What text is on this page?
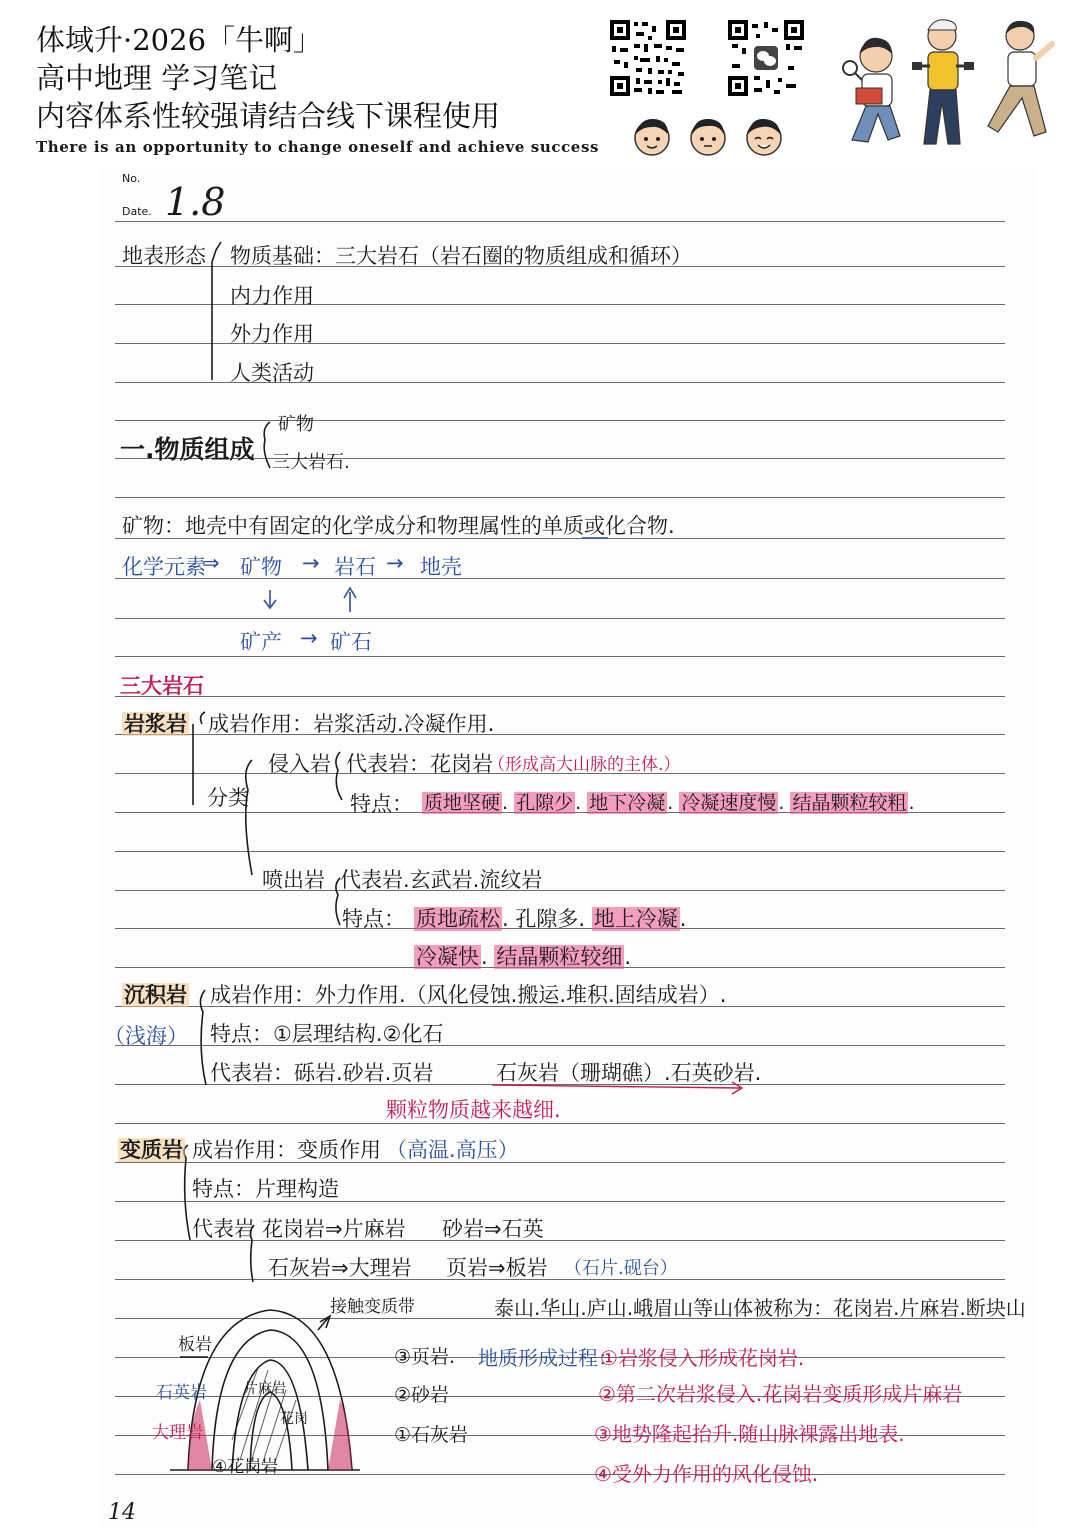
体域升·2026「牛啊」
高中地理 学习笔记
内容体系性较强请结合线下课程使用
There is an opportunity to change oneself and achieve success
No.
Date. 1.8
14
地表形态 物质基础：三大岩石（岩石圈的物质组成和循环）
内力作用
外力作用
人类活动
一.物质组成
矿物
三大岩石.
矿物：地壳中有固定的化学成分和物理属性的单质或化合物.
化学元素
⇒ 矿物 → 岩石 → 地壳
矿产 → 矿石
三大岩石
岩浆岩 成岩作用：岩浆活动.冷凝作用.
分类
侵入岩 代表岩：花岗岩
（形成高大山脉的主体.）
特点： 质地坚硬 . 孔隙少 . 地下冷凝 . 冷凝速度慢 . 结晶颗粒较粗 .
喷出岩 代表岩.玄武岩.流纹岩
特点： 质地疏松. 孔隙多. 地上冷凝.
冷凝快. 结晶颗粒较细.
沉积岩
（浅海）
成岩作用：外力作用.（风化侵蚀.搬运.堆积.固结成岩）.
特点：①层理结构.②化石
代表岩：砾岩.砂岩.页岩	石灰岩（珊瑚礁）.石英砂岩.
颗粒物质越来越细.
变质岩 成岩作用：变质作用 （高温.高压）
特点：片理构造
代表岩 花岗岩⇒片麻岩 砂岩⇒石英
石灰岩⇒大理岩 页岩⇒板岩 （石片.砚台）
泰山.华山.庐山.峨眉山等山体被称为：花岗岩.片麻岩.断块山
接触变质带
板岩
石英岩
大理岩
④花岗岩
片麻岩
花岗
③页岩.
②砂岩
①石灰岩
地质形成过程：
①岩浆侵入形成花岗岩.
②第二次岩浆侵入.花岗岩变质形成片麻岩
③地势隆起抬升.随山脉裸露出地表.
④受外力作用的风化侵蚀.
